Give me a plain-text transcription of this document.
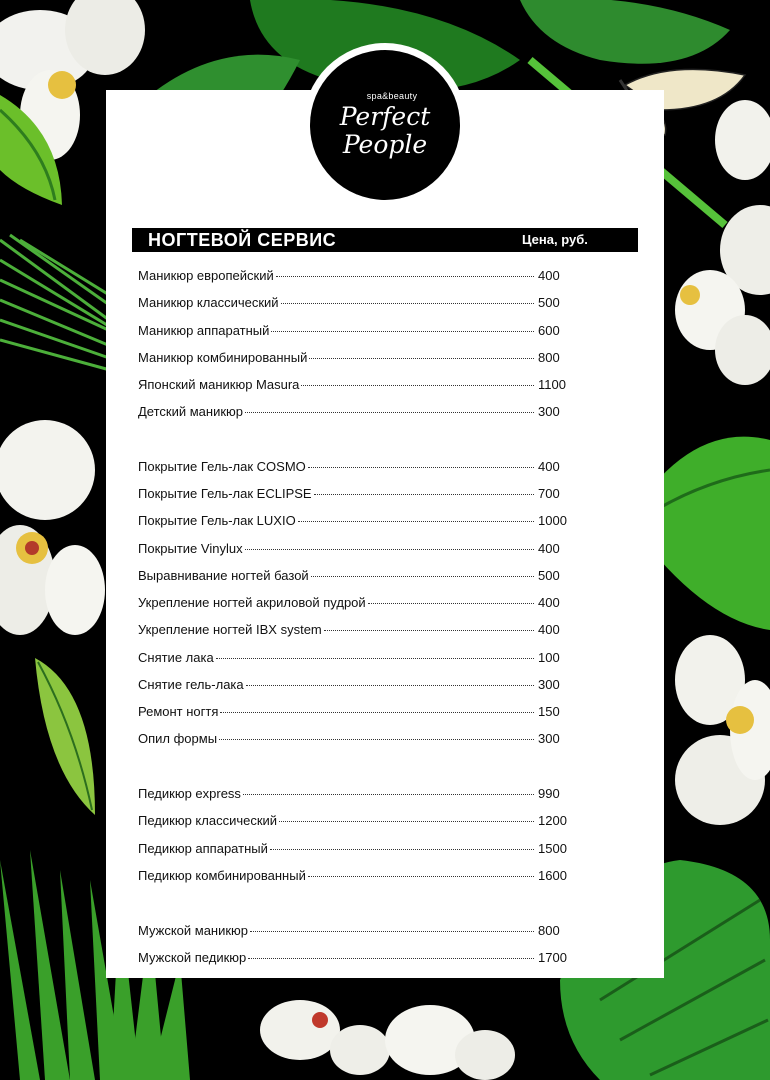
spa&beauty
Perfect
People
НОГТЕВОЙ СЕРВИС	Цена, руб.
Маникюр европейский	400
Маникюр классический	500
Маникюр аппаратный	600
Маникюр комбинированный	800
Японский маникюр Masura	1100
Детский маникюр	300
Покрытие Гель-лак COSMO	400
Покрытие Гель-лак ECLIPSE	700
Покрытие Гель-лак LUXIO	1000
Покрытие Vinylux	400
Выравнивание ногтей базой	500
Укрепление ногтей акриловой пудрой	400
Укрепление ногтей IBX system	400
Снятие лака	100
Снятие гель-лака	300
Ремонт ногтя	150
Опил формы	300
Педикюр express	990
Педикюр классический	1200
Педикюр аппаратный	1500
Педикюр комбинированный	1600
Мужской маникюр	800
Мужской педикюр	1700
